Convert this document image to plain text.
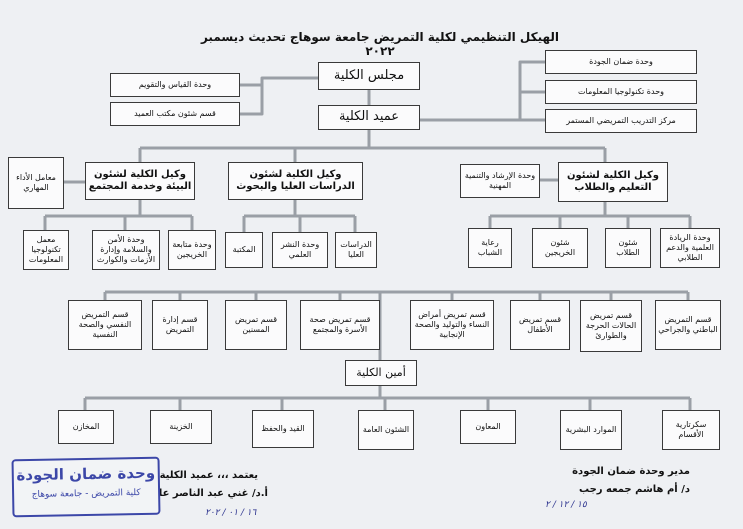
الهيكل التنظيمي لكلية التمريض جامعة سوهاج تحديث ديسمبر ٢٠٢٢
مجلس الكلية
عميد الكلية
وحدة القياس والتقويم
قسم شئون مكتب العميد
وحدة ضمان الجودة
وحدة تكنولوجيا المعلومات
مركز التدريب التمريضي المستمر
وكيل الكلية لشئون البيئة وخدمة المجتمع
وكيل الكلية لشئون الدراسات العليا والبحوث
وكيل الكلية لشئون التعليم والطلاب
معامل الأداء المهاري
وحدة الإرشاد والتنمية المهنية
معمل تكنولوجيا المعلومات
وحدة الأمن والسلامة وإدارة الأزمات والكوارث
وحدة متابعة الخريجين
المكتبة
وحدة النشر العلمي
الدراسات العليا
رعاية الشباب
شئون الخريجين
شئون الطلاب
وحدة الريادة العلمية والدعم الطلابي
قسم التمريض النفسي والصحة النفسية
قسم إدارة التمريض
قسم تمريض المسنين
قسم تمريض صحة الأسرة والمجتمع
قسم تمريض أمراض النساء والتوليد والصحة الإنجابية
قسم تمريض الأطفال
قسم تمريض الحالات الحرجة والطوارئ
قسم التمريض الباطني والجراحي
أمين الكلية
المخازن	الخزينة	القيد والحفظ	الشئون العامة	المعاون	الموارد البشرية
سكرتارية الأقسام
يعتمد ،،، عميد الكلية
أ.د/ غني عبد الناصر عا
مدير وحدة ضمان الجودة
د/ أم هاشم جمعه رجب
١٦ / ٠١ / ٢٠٢
١٥ / ١٢ / ٢
وحدة ضمان الجودة
كلية التمريض - جامعة سوهاج
